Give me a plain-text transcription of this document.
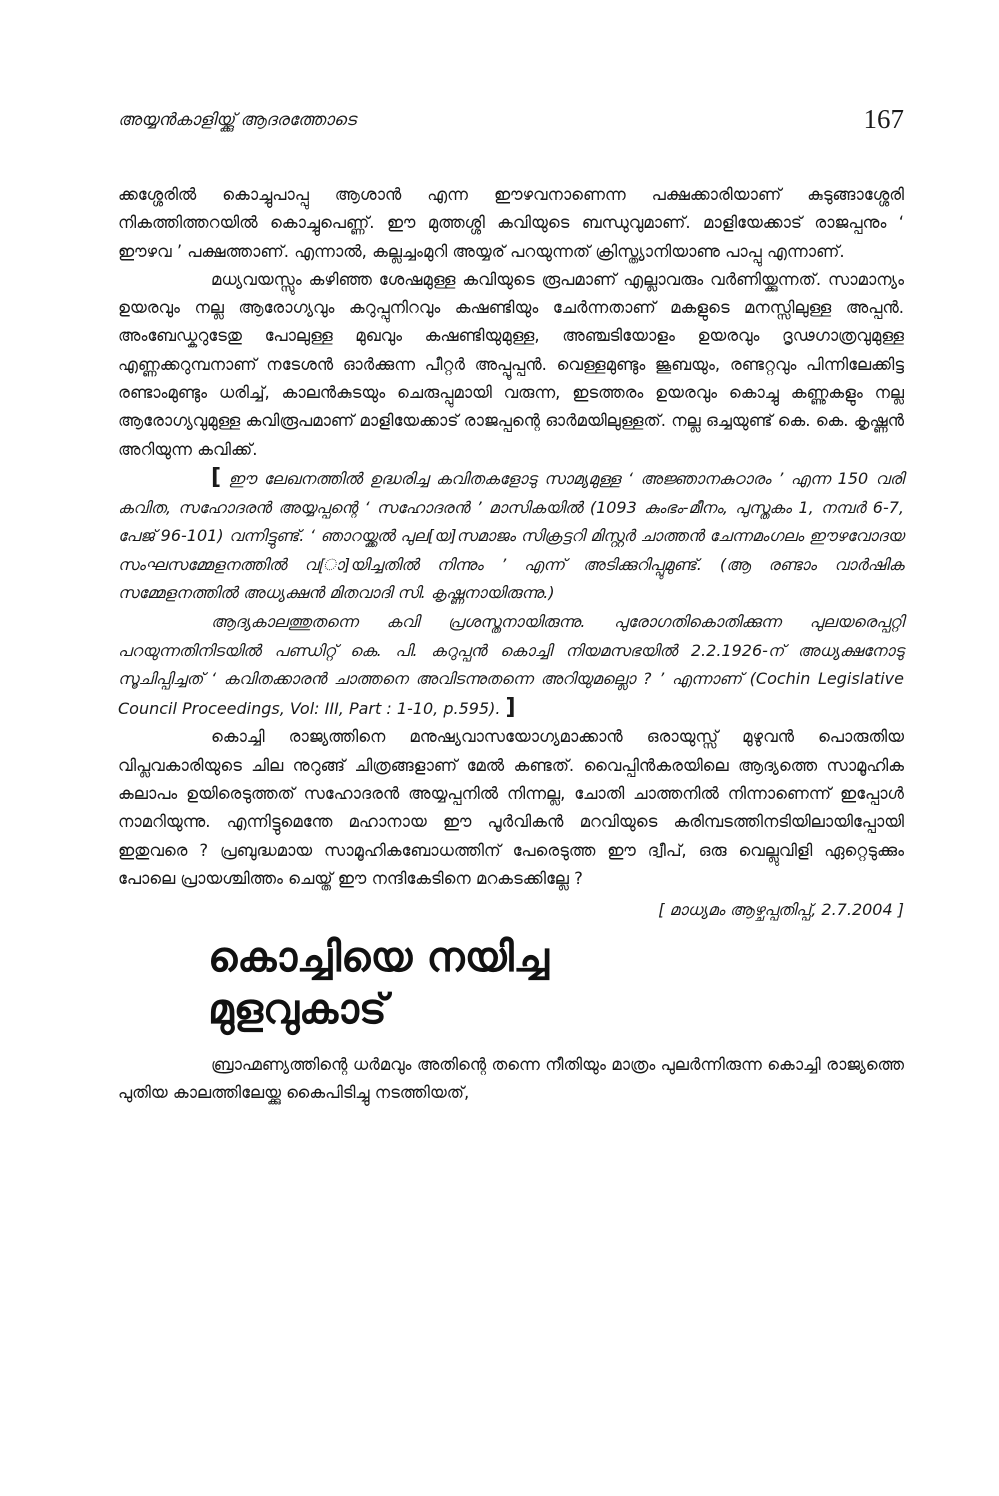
അയ്യൻകാളിയ്ക്കു് ആദരത്തോടെ	167

ക്കശ്ശേരിൽ കൊച്ചുപാപ്പു ആശാൻ എന്ന ഈഴവനാണെന്ന പക്ഷക്കാരിയാണ് കുടുങ്ങാശ്ശേരി നികത്തിത്തറയിൽ കൊച്ചുപെണ്ണ്. ഈ മുത്തശ്ശി കവിയുടെ ബന്ധുവുമാണ്. മാളിയേക്കാട് രാജപ്പനും ‘ ഈഴവ ’ പക്ഷത്താണ്. എന്നാൽ, കല്ലച്ചംമുറി അയ്യര് പറയുന്നത് ക്രിസ്ത്യാനിയാണു പാപ്പു എന്നാണ്.

മധ്യവയസ്സും കഴിഞ്ഞ ശേഷമുള്ള കവിയുടെ രൂപമാണ് എല്ലാവരും വർണിയ്ക്കുന്നത്. സാമാന്യം ഉയരവും നല്ല ആരോഗ്യവും കറുപ്പുനിറവും കഷണ്ടിയും ചേർന്നതാണ് മകളുടെ മനസ്സിലുള്ള അപ്പൻ. അംബേഡ്കറുടേതു പോലുള്ള മുഖവും കഷണ്ടിയുമുള്ള, അഞ്ചടിയോളം ഉയരവും ദൃഢഗാത്രവുമുള്ള എണ്ണക്കറുമ്പനാണ് നടേശൻ ഓർക്കുന്ന പീറ്റർ അപ്പൂപ്പൻ. വെള്ളമുണ്ടും ജൂബയും, രണ്ടറ്റവും പിന്നിലേക്കിട്ട രണ്ടാംമുണ്ടും ധരിച്ച്, കാലൻകുടയും ചെരുപ്പുമായി വരുന്ന, ഇടത്തരം ഉയരവും കൊച്ചു കണ്ണുകളും നല്ല ആരോഗ്യവുമുള്ള കവിരൂപമാണ് മാളിയേക്കാട് രാജപ്പന്റെ ഓർമയിലുള്ളത്. നല്ല ഒച്ചയുണ്ട് കെ. കെ. കൃഷ്ണൻ അറിയുന്ന കവിക്ക്.

[ ഈ ലേഖനത്തിൽ ഉദ്ധരിച്ച കവിതകളോടു സാമ്യമുള്ള ‘ അജ്ഞാനകുഠാരം ’ എന്ന 150 വരി കവിത, സഹോദരൻ അയ്യപ്പന്റെ ‘ സഹോദരൻ ’ മാസികയിൽ (1093 കുംഭം-മീനം, പുസ്തകം 1, നമ്പർ 6-7, പേജ് 96-101) വന്നിട്ടുണ്ട്. ‘ ഞാറയ്ക്കൽ പുല[യ]സമാജം സിക്രട്ടറി മിസ്റ്റർ ചാത്തൻ ചേന്നമംഗലം ഈഴവോദയ സംഘസമ്മേളനത്തിൽ വ[ാ]യിച്ചതിൽ നിന്നും ’ എന്ന് അടിക്കുറിപ്പുമുണ്ട്. (ആ രണ്ടാം വാർഷിക സമ്മേളനത്തിൽ അധ്യക്ഷൻ മിതവാദി സി. കൃഷ്ണനായിരുന്നു.)

ആദ്യകാലത്തുതന്നെ കവി പ്രശസ്തനായിരുന്നു. പുരോഗതികൊതിക്കുന്ന പുലയരെപ്പറ്റി പറയുന്നതിനിടയിൽ പണ്ഡിറ്റ് കെ. പി. കറുപ്പൻ കൊച്ചി നിയമസഭയിൽ 2.2.1926-ന് അധ്യക്ഷനോടു സൂചിപ്പിച്ചത് ‘ കവിതക്കാരൻ ചാത്തനെ അവിടന്നുതന്നെ അറിയുമല്ലൊ ? ’ എന്നാണ് (Cochin Legislative Council Proceedings, Vol: III, Part : 1-10, p.595). ]

കൊച്ചി രാജ്യത്തിനെ മനുഷ്യവാസയോഗ്യമാക്കാൻ ഒരായുസ്സ് മുഴുവൻ പൊരുതിയ വിപ്ലവകാരിയുടെ ചില നുറുങ്ങ് ചിത്രങ്ങളാണ് മേൽ കണ്ടത്. വൈപ്പിൻകരയിലെ ആദ്യത്തെ സാമൂഹിക കലാപം ഉയിരെടുത്തത് സഹോദരൻ അയ്യപ്പനിൽ നിന്നല്ല, ചോതി ചാത്തനിൽ നിന്നാണെന്ന് ഇപ്പോൾ നാമറിയുന്നു. എന്നിട്ടുമെന്തേ മഹാനായ ഈ പൂർവികൻ മറവിയുടെ കരിമ്പടത്തിനടിയിലായിപ്പോയി ഇതുവരെ ? പ്രബുദ്ധമായ സാമൂഹികബോധത്തിന് പേരെടുത്ത ഈ ദ്വീപ്, ഒരു വെല്ലുവിളി ഏറ്റെടുക്കും പോലെ പ്രായശ്ചിത്തം ചെയ്ത് ഈ നന്ദികേടിനെ മറകടക്കില്ലേ ?

[ മാധ്യമം ആഴ്ചപ്പതിപ്പ്, 2.7.2004 ]

കൊച്ചിയെ നയിച്ച
മുളവുകാട്

ബ്രാഹ്മണ്യത്തിന്റെ ധർമവും അതിന്റെ തന്നെ നീതിയും മാത്രം പുലർന്നിരുന്ന കൊച്ചി രാജ്യത്തെ പുതിയ കാലത്തിലേയ്ക്കു കൈപിടിച്ചു നടത്തിയത്,
